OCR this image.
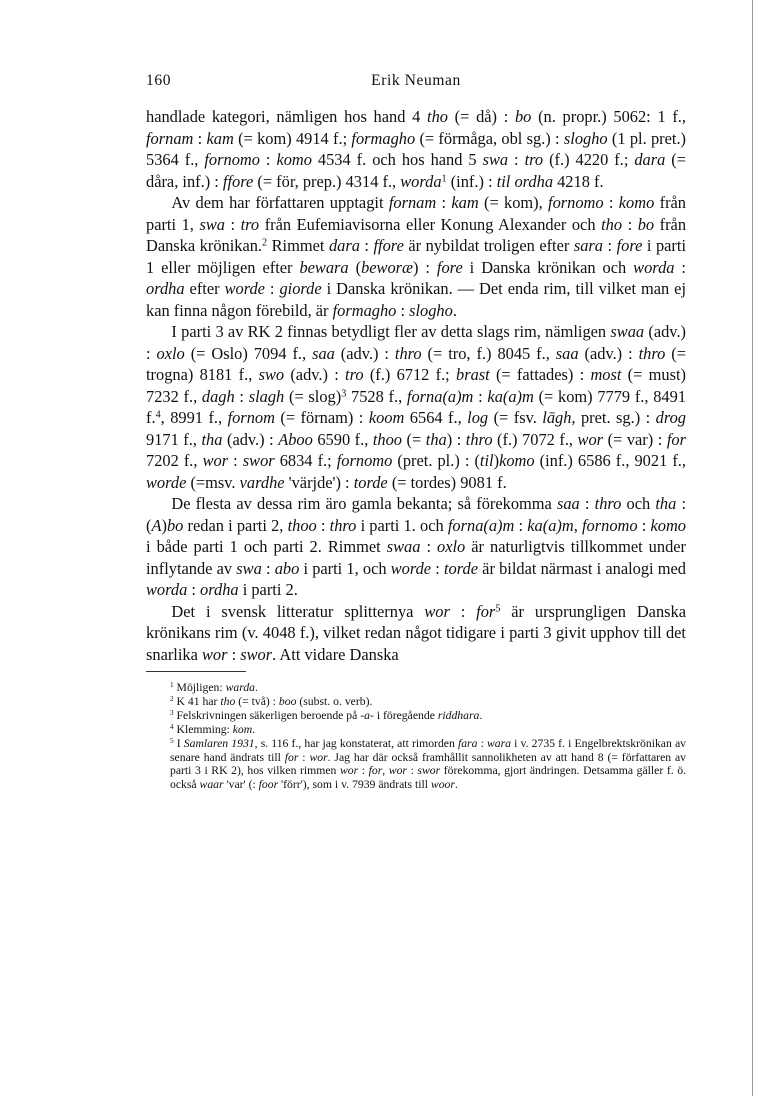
160	Erik Neuman

handlade kategori, nämligen hos hand 4 tho (= då) : bo (n. propr.) 5062: 1 f., fornam : kam (= kom) 4914 f.; formagho (= förmåga, obl sg.) : slogho (1 pl. pret.) 5364 f., fornomo : komo 4534 f. och hos hand 5 swa : tro (f.) 4220 f.; dara (= dåra, inf.) : ffore (= för, prep.) 4314 f., worda$^1$ (inf.) : til ordha 4218 f.

Av dem har författaren upptagit fornam : kam (= kom), fornomo : komo från parti 1, swa : tro från Eufemiavisorna eller Konung Alexander och tho : bo från Danska krönikan.$^2$ Rimmet dara : ffore är nybildat troligen efter sara : fore i parti 1 eller möjligen efter bewara (beworæ) : fore i Danska krönikan och worda : ordha efter worde : giorde i Danska krönikan. — Det enda rim, till vilket man ej kan finna någon förebild, är formagho : slogho.

I parti 3 av RK 2 finnas betydligt fler av detta slags rim, nämligen swaa (adv.) : oxlo (= Oslo) 7094 f., saa (adv.) : thro (= tro, f.) 8045 f., saa (adv.) : thro (= trogna) 8181 f., swo (adv.) : tro (f.) 6712 f.; brast (= fattades) : most (= must) 7232 f., dagh : slagh (= slog)$^3$ 7528 f., forna(a)m : ka(a)m (= kom) 7779 f., 8491 f.$^4$, 8991 f., fornom (= förnam) : koom 6564 f., log (= fsv. lāgh, pret. sg.) : drog 9171 f., tha (adv.) : Aboo 6590 f., thoo (= tha) : thro (f.) 7072 f., wor (= var) : for 7202 f., wor : swor 6834 f.; fornomo (pret. pl.) : (til)komo (inf.) 6586 f., 9021 f., worde (=msv. vardhe 'värjde') : torde (= tordes) 9081 f.

De flesta av dessa rim äro gamla bekanta; så förekomma saa : thro och tha : (A)bo redan i parti 2, thoo : thro i parti 1. och forna(a)m : ka(a)m, fornomo : komo i både parti 1 och parti 2. Rimmet swaa : oxlo är naturligtvis tillkommet under inflytande av swa : abo i parti 1, och worde : torde är bildat närmast i analogi med worda : ordha i parti 2.

Det i svensk litteratur splitternya wor : for$^5$ är ursprungligen Danska krönikans rim (v. 4048 f.), vilket redan något tidigare i parti 3 givit upphov till det snarlika wor : swor. Att vidare Danska

$^1$ Möjligen: warda.
$^2$ K 41 har tho (= två) : boo (subst. o. verb).
$^3$ Felskrivningen säkerligen beroende på -a- i föregående riddhara.
$^4$ Klemming: kom.
$^5$ I Samlaren 1931, s. 116 f., har jag konstaterat, att rimorden fara : wara i v. 2735 f. i Engelbrektskrönikan av senare hand ändrats till for : wor. Jag har där också framhållit sannolikheten av att hand 8 (= författaren av parti 3 i RK 2), hos vilken rimmen wor : for, wor : swor förekomma, gjort ändringen. Detsamma gäller f. ö. också waar 'var' (: foor 'förr'), som i v. 7939 ändrats till woor.
